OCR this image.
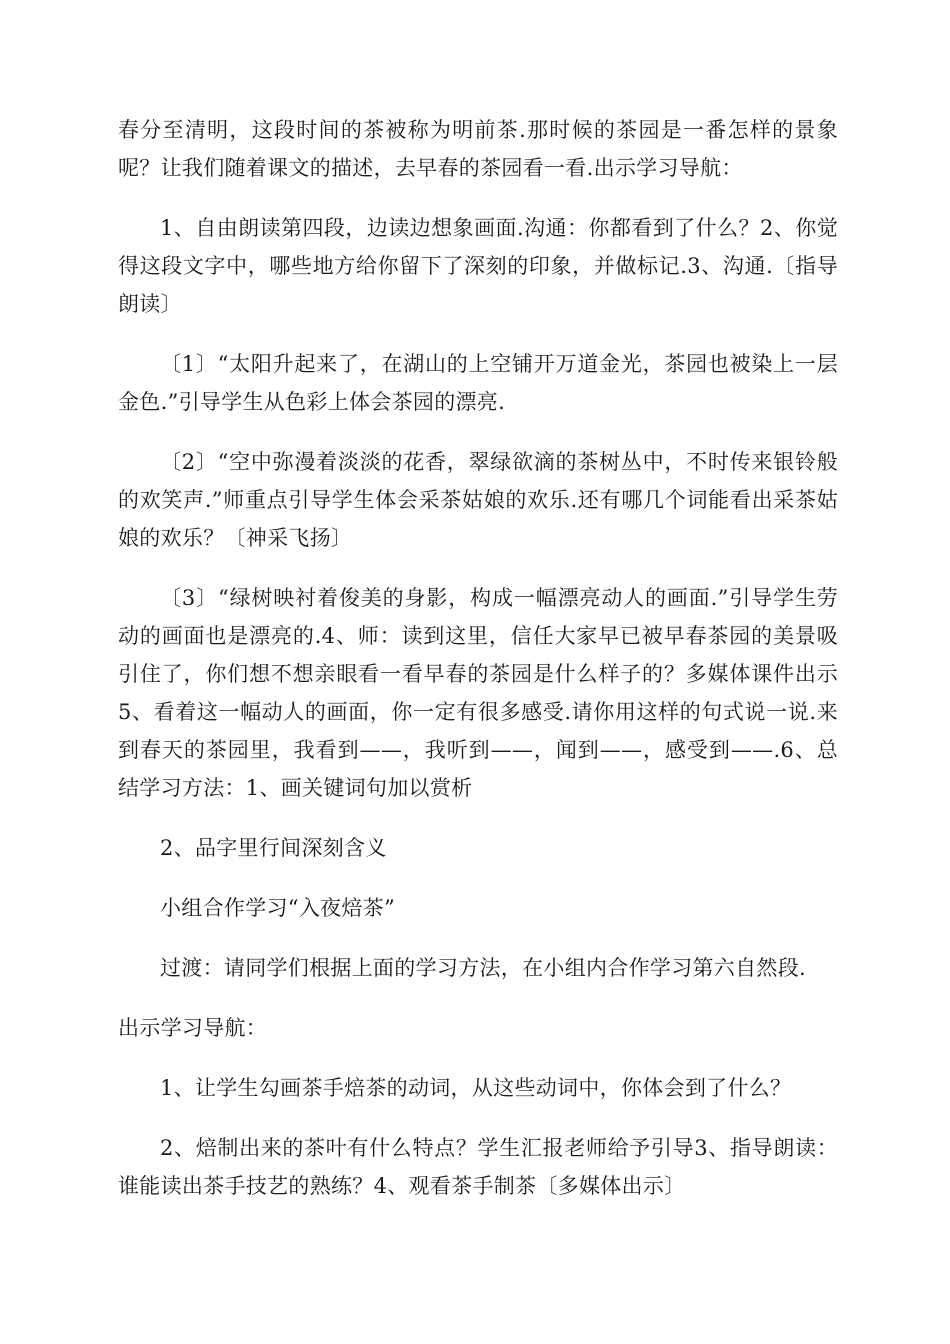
春分至清明，这段时间的茶被称为明前茶.那时候的茶园是一番怎样的景象呢？让我们随着课文的描述，去早春的茶园看一看.出示学习导航：

1、自由朗读第四段，边读边想象画面.沟通：你都看到了什么？2、你觉得这段文字中，哪些地方给你留下了深刻的印象，并做标记.3、沟通.〔指导朗读〕

〔1〕“太阳升起来了，在湖山的上空铺开万道金光，茶园也被染上一层金色.”引导学生从色彩上体会茶园的漂亮.

〔2〕“空中弥漫着淡淡的花香，翠绿欲滴的茶树丛中，不时传来银铃般的欢笑声.”师重点引导学生体会采茶姑娘的欢乐.还有哪几个词能看出采茶姑娘的欢乐？〔神采飞扬〕

〔3〕“绿树映衬着俊美的身影，构成一幅漂亮动人的画面.”引导学生劳动的画面也是漂亮的.4、师：读到这里，信任大家早已被早春茶园的美景吸引住了，你们想不想亲眼看一看早春的茶园是什么样子的？多媒体课件出示5、看着这一幅动人的画面，你一定有很多感受.请你用这样的句式说一说.来到春天的茶园里，我看到——，我听到——，闻到——，感受到——.6、总结学习方法：1、画关键词句加以赏析

2、品字里行间深刻含义

小组合作学习“入夜焙茶”

过渡：请同学们根据上面的学习方法，在小组内合作学习第六自然段.

出示学习导航：

1、让学生勾画茶手焙茶的动词，从这些动词中，你体会到了什么？

2、焙制出来的茶叶有什么特点？学生汇报老师给予引导3、指导朗读：谁能读出茶手技艺的熟练？4、观看茶手制茶〔多媒体出示〕
